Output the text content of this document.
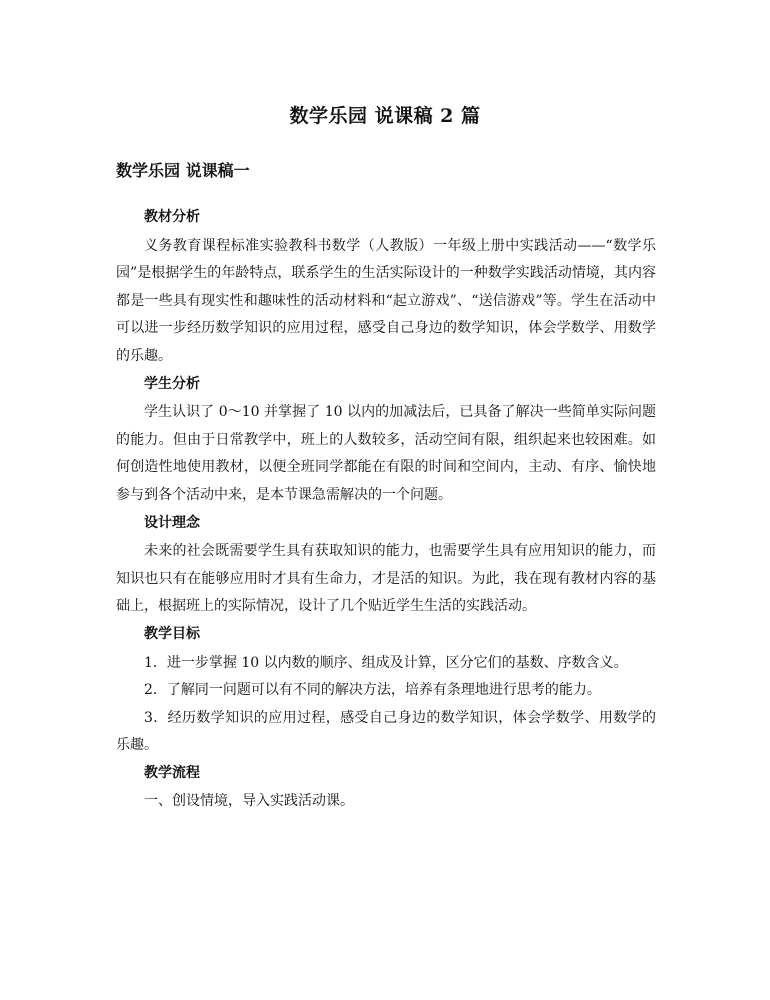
数学乐园 说课稿 2 篇
数学乐园 说课稿一

教材分析

义务教育课程标准实验教科书数学（人教版）一年级上册中实践活动——“数学乐园”是根据学生的年龄特点，联系学生的生活实际设计的一种数学实践活动情境，其内容都是一些具有现实性和趣味性的活动材料和“起立游戏”、“送信游戏”等。学生在活动中可以进一步经历数学知识的应用过程，感受自己身边的数学知识，体会学数学、用数学的乐趣。

学生分析

学生认识了 0～10 并掌握了 10 以内的加减法后，已具备了解决一些简单实际问题的能力。但由于日常教学中，班上的人数较多，活动空间有限，组织起来也较困难。如何创造性地使用教材，以便全班同学都能在有限的时间和空间内，主动、有序、愉快地参与到各个活动中来，是本节课急需解决的一个问题。

设计理念

未来的社会既需要学生具有获取知识的能力，也需要学生具有应用知识的能力，而知识也只有在能够应用时才具有生命力，才是活的知识。为此，我在现有教材内容的基础上，根据班上的实际情况，设计了几个贴近学生生活的实践活动。

教学目标

1．进一步掌握 10 以内数的顺序、组成及计算，区分它们的基数、序数含义。

2．了解同一问题可以有不同的解决方法，培养有条理地进行思考的能力。

3．经历数学知识的应用过程，感受自己身边的数学知识，体会学数学、用数学的乐趣。

教学流程

一、创设情境，导入实践活动课。
